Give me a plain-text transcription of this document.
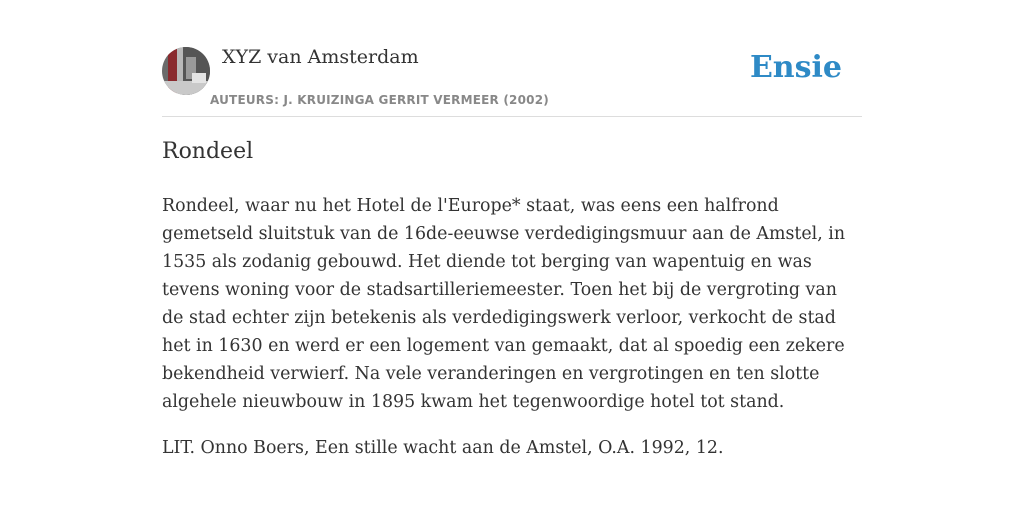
XYZ van Amsterdam
AUTEURS: J. KRUIZINGA GERRIT VERMEER (2002)
Ensie
Rondeel

Rondeel, waar nu het Hotel de l'Europe* staat, was eens een halfrond gemetseld sluitstuk van de 16de-eeuwse verdedigingsmuur aan de Amstel, in 1535 als zodanig gebouwd. Het diende tot berging van wapentuig en was tevens woning voor de stadsartilleriemeester. Toen het bij de vergroting van de stad echter zijn betekenis als verdedigingswerk verloor, verkocht de stad het in 1630 en werd er een logement van gemaakt, dat al spoedig een zekere bekendheid verwierf. Na vele veranderingen en vergrotingen en ten slotte algehele nieuwbouw in 1895 kwam het tegenwoordige hotel tot stand.

LIT. Onno Boers, Een stille wacht aan de Amstel, O.A. 1992, 12.
